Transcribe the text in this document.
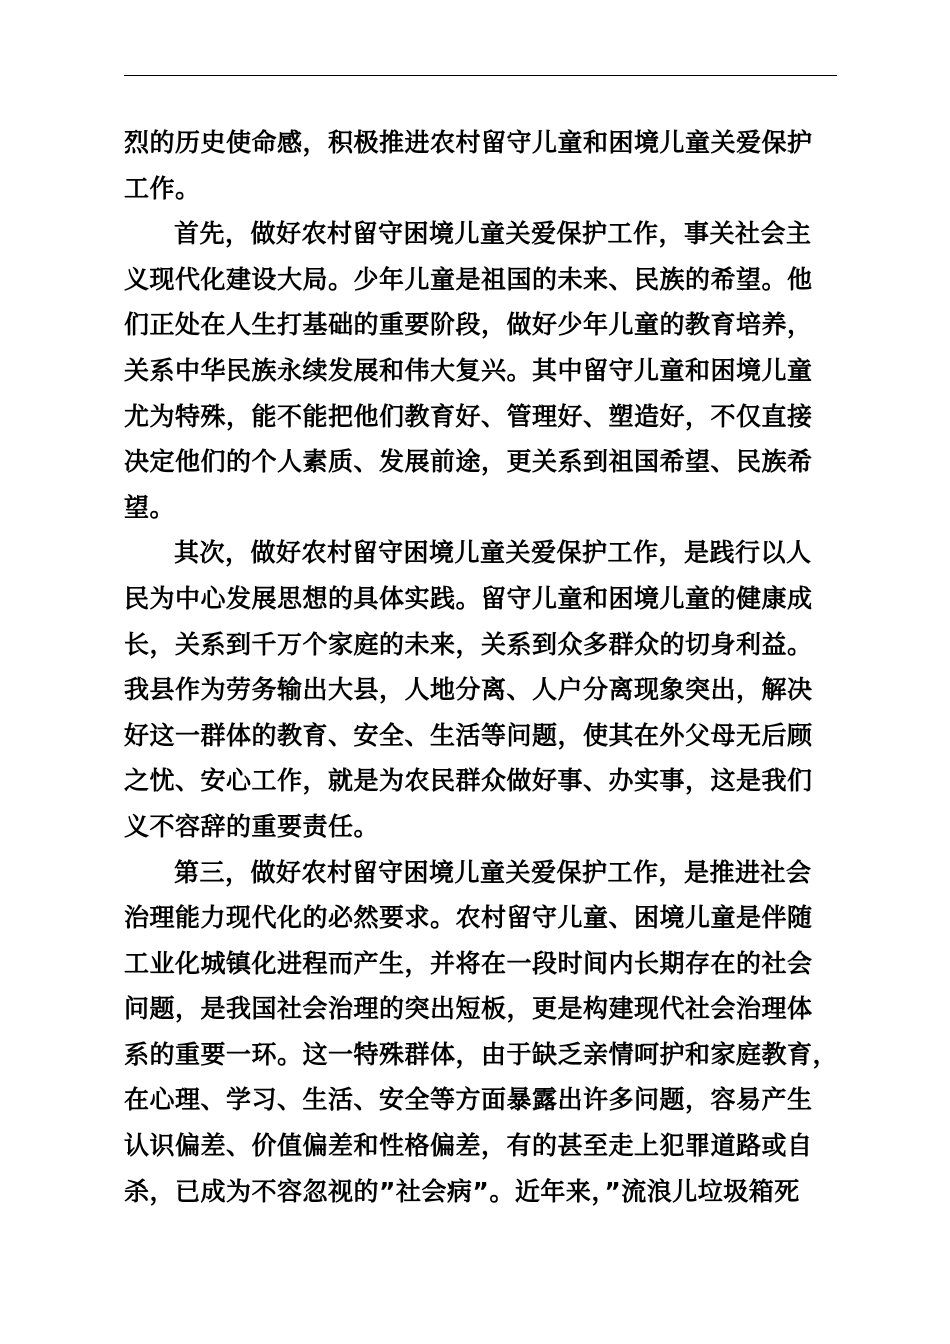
烈的历史使命感，积极推进农村留守儿童和困境儿童关爱保护
工作。
首先，做好农村留守困境儿童关爱保护工作，事关社会主
义现代化建设大局。少年儿童是祖国的未来、民族的希望。他
们正处在人生打基础的重要阶段，做好少年儿童的教育培养，
关系中华民族永续发展和伟大复兴。其中留守儿童和困境儿童
尤为特殊，能不能把他们教育好、管理好、塑造好，不仅直接
决定他们的个人素质、发展前途，更关系到祖国希望、民族希
望。
其次，做好农村留守困境儿童关爱保护工作，是践行以人
民为中心发展思想的具体实践。留守儿童和困境儿童的健康成
长，关系到千万个家庭的未来，关系到众多群众的切身利益。
我县作为劳务输出大县，人地分离、人户分离现象突出，解决
好这一群体的教育、安全、生活等问题，使其在外父母无后顾
之忧、安心工作，就是为农民群众做好事、办实事，这是我们
义不容辞的重要责任。
第三，做好农村留守困境儿童关爱保护工作，是推进社会
治理能力现代化的必然要求。农村留守儿童、困境儿童是伴随
工业化城镇化进程而产生，并将在一段时间内长期存在的社会
问题，是我国社会治理的突出短板，更是构建现代社会治理体
系的重要一环。这一特殊群体，由于缺乏亲情呵护和家庭教育，
在心理、学习、生活、安全等方面暴露出许多问题，容易产生
认识偏差、价值偏差和性格偏差，有的甚至走上犯罪道路或自
杀，已成为不容忽视的”社会病”。近年来，”流浪儿垃圾箱死
